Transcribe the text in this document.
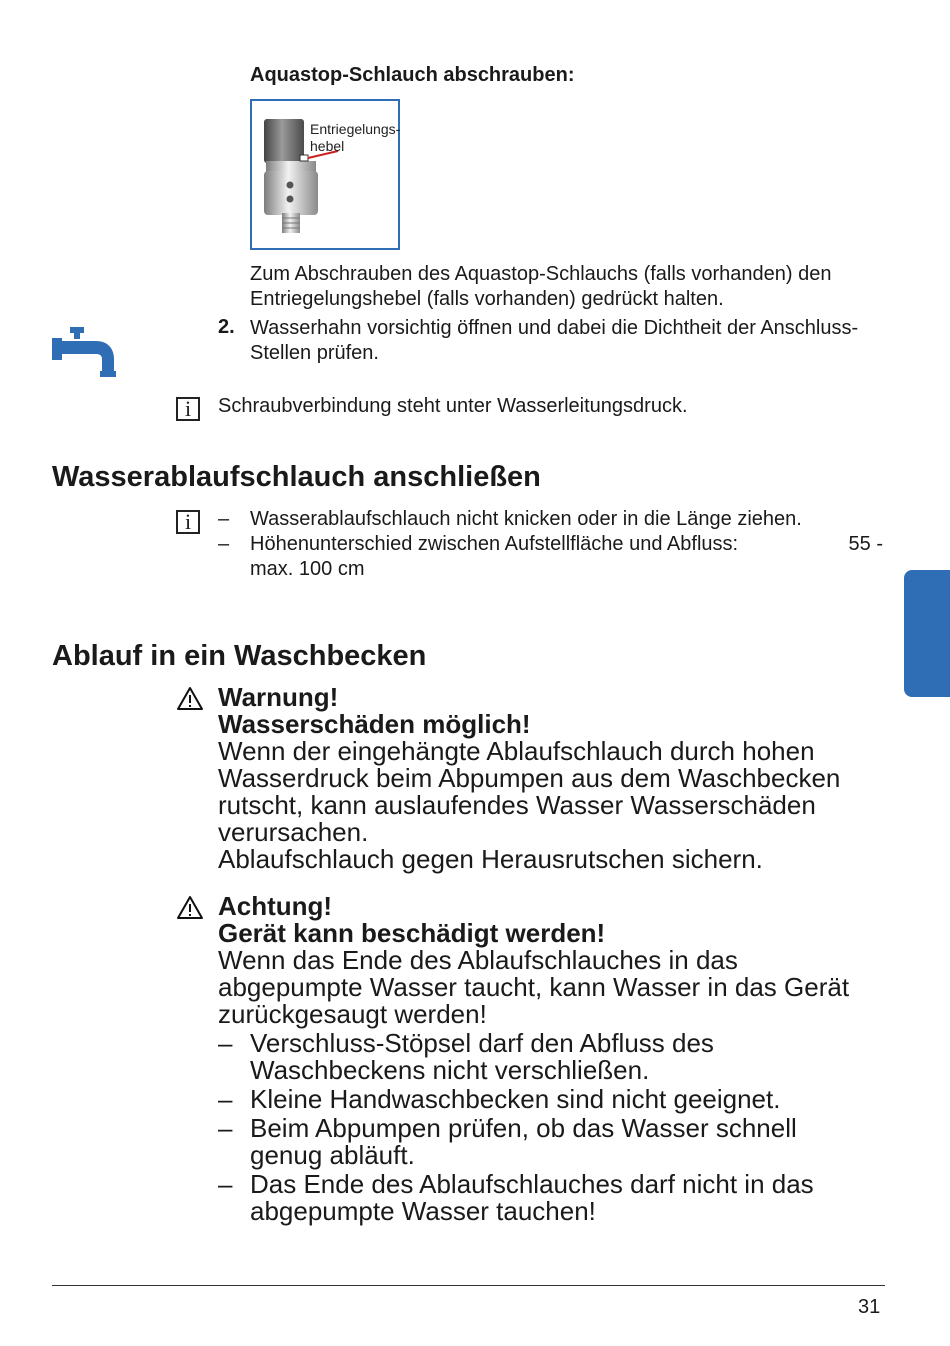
Aquastop-Schlauch abschrauben:
Entriegelungs-
hebel
Zum Abschrauben des Aquastop-Schlauchs (falls vorhanden) den Entriegelungshebel (falls vorhanden) gedrückt halten.
2. Wasserhahn vorsichtig öffnen und dabei die Dichtheit der Anschluss-Stellen prüfen.
i	Schraubverbindung steht unter Wasserleitungsdruck.
Wasserablaufschlauch anschließen
i	– Wasserablaufschlauch nicht knicken oder in die Länge ziehen.
– Höhenunterschied zwischen Aufstellfläche und Abfluss:	55 -
max. 100 cm
Ablauf in ein Waschbecken
Warnung!
Wasserschäden möglich!
Wenn der eingehängte Ablaufschlauch durch hohen Wasserdruck beim Abpumpen aus dem Waschbecken rutscht, kann auslaufendes Wasser Wasserschäden verursachen.
Ablaufschlauch gegen Herausrutschen sichern.
Achtung!
Gerät kann beschädigt werden!
Wenn das Ende des Ablaufschlauches in das abgepumpte Wasser taucht, kann Wasser in das Gerät zurückgesaugt werden!
– Verschluss-Stöpsel darf den Abfluss des Waschbeckens nicht verschließen.
– Kleine Handwaschbecken sind nicht geeignet.
– Beim Abpumpen prüfen, ob das Wasser schnell genug abläuft.
– Das Ende des Ablaufschlauches darf nicht in das abgepumpte Wasser tauchen!
31
